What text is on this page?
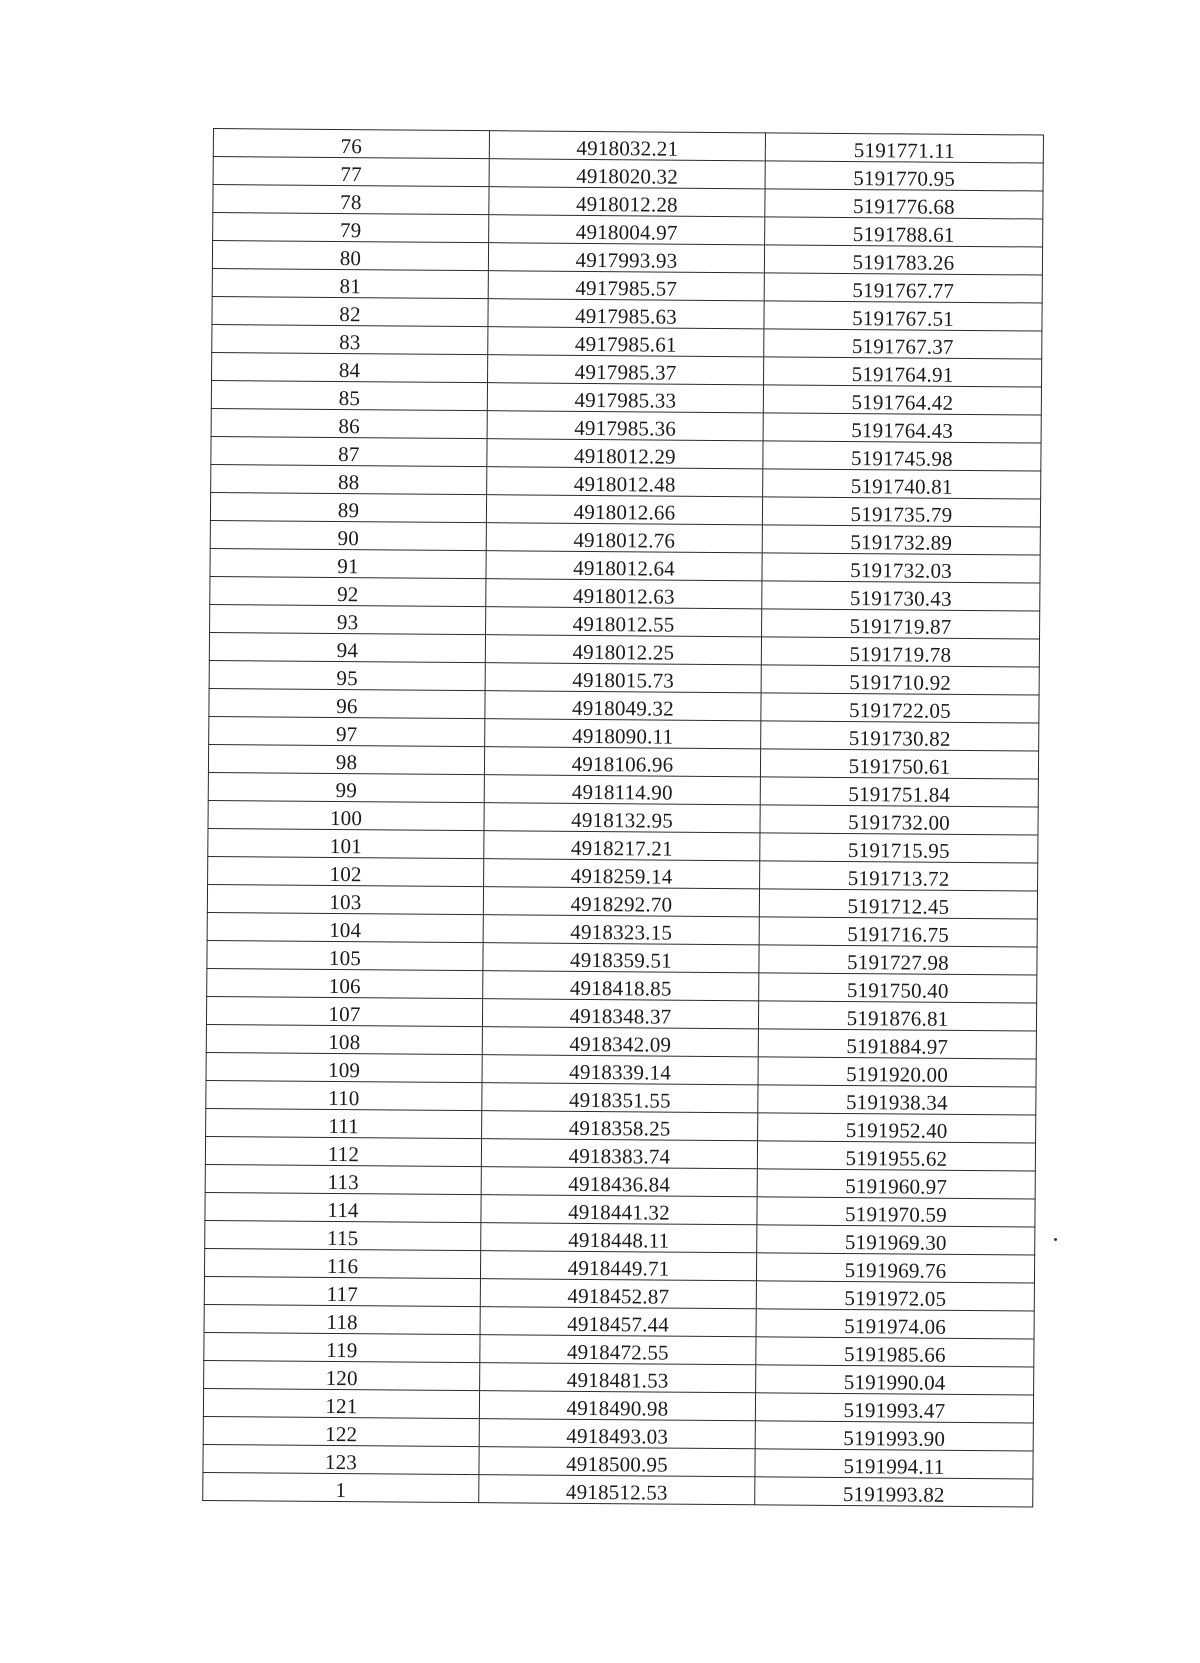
76	4918032.21	5191771.11
77	4918020.32	5191770.95
78	4918012.28	5191776.68
79	4918004.97	5191788.61
80	4917993.93	5191783.26
81	4917985.57	5191767.77
82	4917985.63	5191767.51
83	4917985.61	5191767.37
84	4917985.37	5191764.91
85	4917985.33	5191764.42
86	4917985.36	5191764.43
87	4918012.29	5191745.98
88	4918012.48	5191740.81
89	4918012.66	5191735.79
90	4918012.76	5191732.89
91	4918012.64	5191732.03
92	4918012.63	5191730.43
93	4918012.55	5191719.87
94	4918012.25	5191719.78
95	4918015.73	5191710.92
96	4918049.32	5191722.05
97	4918090.11	5191730.82
98	4918106.96	5191750.61
99	4918114.90	5191751.84
100	4918132.95	5191732.00
101	4918217.21	5191715.95
102	4918259.14	5191713.72
103	4918292.70	5191712.45
104	4918323.15	5191716.75
105	4918359.51	5191727.98
106	4918418.85	5191750.40
107	4918348.37	5191876.81
108	4918342.09	5191884.97
109	4918339.14	5191920.00
110	4918351.55	5191938.34
111	4918358.25	5191952.40
112	4918383.74	5191955.62
113	4918436.84	5191960.97
114	4918441.32	5191970.59
115	4918448.11	5191969.30
116	4918449.71	5191969.76
117	4918452.87	5191972.05
118	4918457.44	5191974.06
119	4918472.55	5191985.66
120	4918481.53	5191990.04
121	4918490.98	5191993.47
122	4918493.03	5191993.90
123	4918500.95	5191994.11
1	4918512.53	5191993.82
